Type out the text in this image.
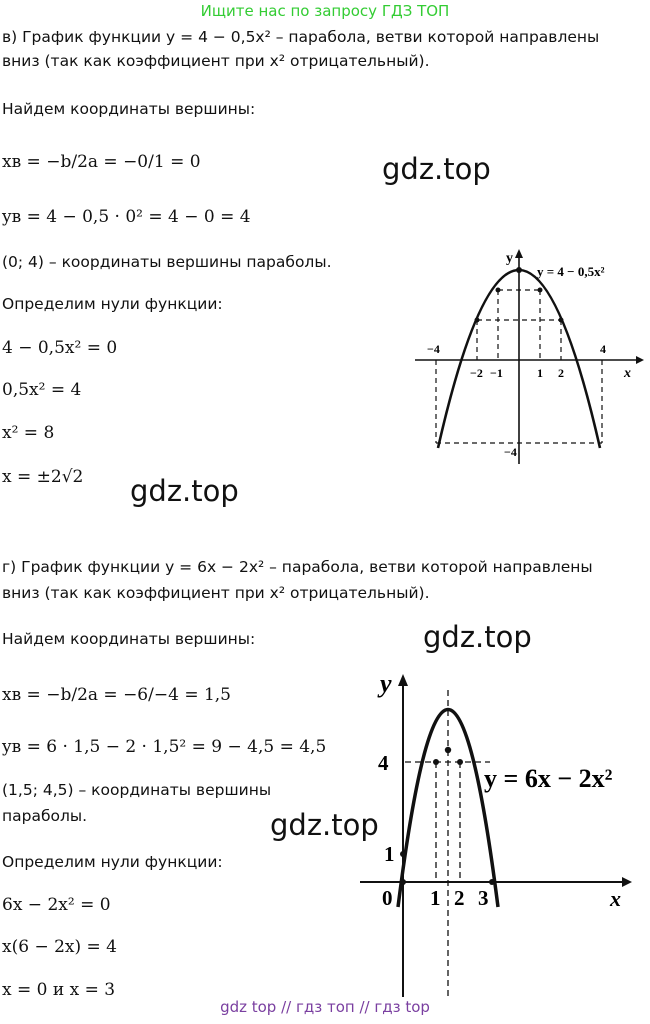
Ищите нас по запросу ГДЗ ТОП
в) График функции y = 4 − 0,5x² – парабола, ветви которой направлены
вниз (так как коэффициент при x² отрицательный).
Найдем координаты вершины:
xв = −b/2a = −0/1 = 0
yв = 4 − 0,5 · 0² = 4 − 0 = 4
(0; 4) – координаты вершины параболы.
Определим нули функции:
4 − 0,5x² = 0
0,5x² = 4
x² = 8
x = ±2√2
gdz.top
gdz.top
y
x
y = 4 − 0,5x²
−4
−2 −1	1 2
4
−4
г) График функции y = 6x − 2x² – парабола, ветви которой направлены
вниз (так как коэффициент при x² отрицательный).
Найдем координаты вершины:
xв = −b/2a = −6/−4 = 1,5
yв = 6 · 1,5 − 2 · 1,5² = 9 − 4,5 = 4,5
(1,5; 4,5) – координаты вершины
параболы.
Определим нули функции:
6x − 2x² = 0
x(6 − 2x) = 4
x = 0 и x = 3
gdz.top
gdz.top
y
x
y = 6x − 2x²
4
1
0 1 2 3
gdz top // гдз топ // гдз top
